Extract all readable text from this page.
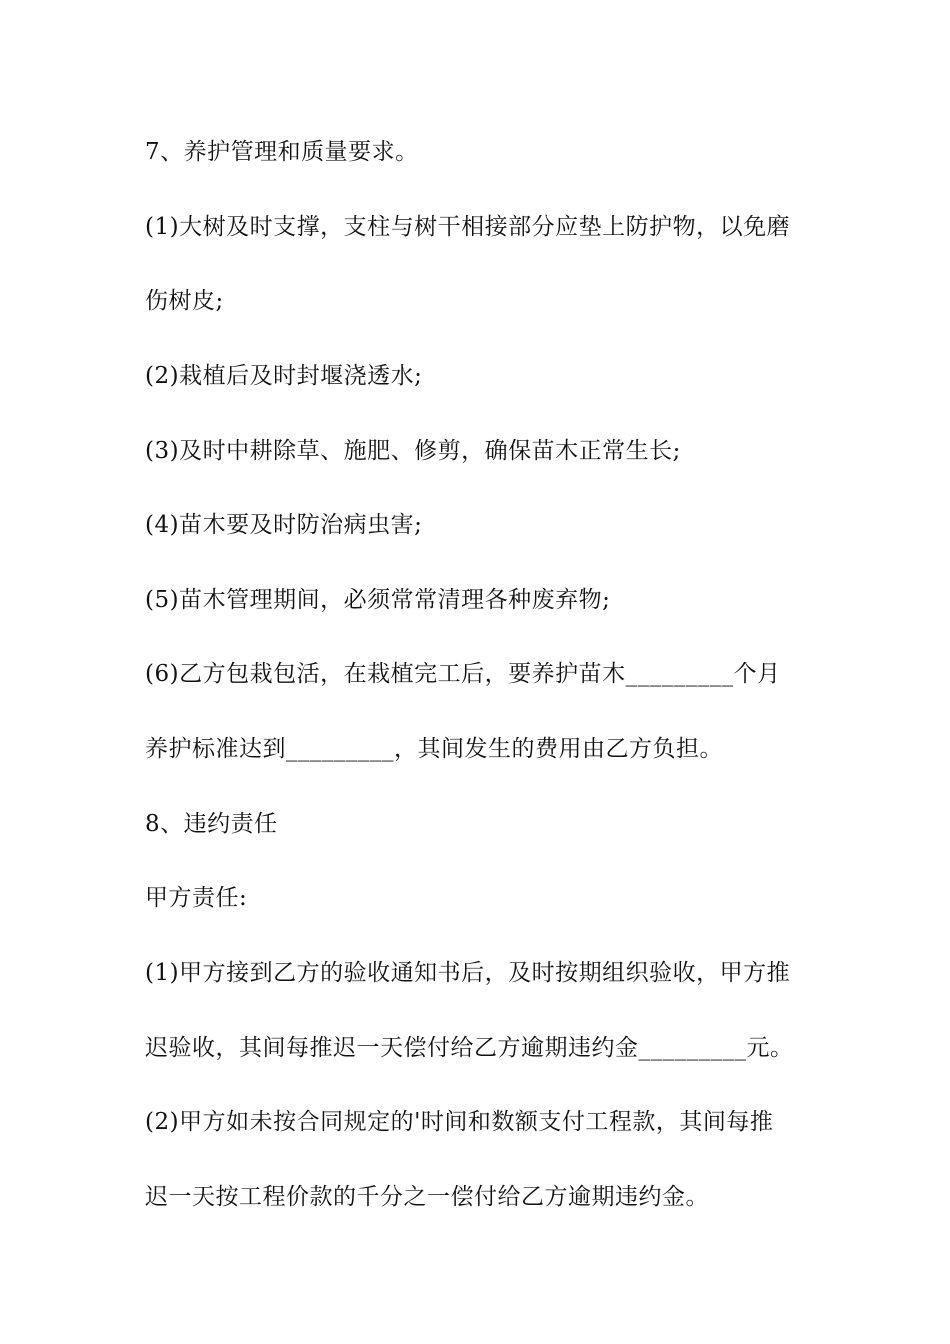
7、养护管理和质量要求。
(1)大树及时支撑，支柱与树干相接部分应垫上防护物，以免磨
伤树皮;
(2)栽植后及时封堰浇透水;
(3)及时中耕除草、施肥、修剪，确保苗木正常生长;
(4)苗木要及时防治病虫害;
(5)苗木管理期间，必须常常清理各种废弃物;
(6)乙方包栽包活，在栽植完工后，要养护苗木_________个月
养护标准达到_________，其间发生的费用由乙方负担。
8、违约责任
甲方责任:
(1)甲方接到乙方的验收通知书后，及时按期组织验收，甲方推
迟验收，其间每推迟一天偿付给乙方逾期违约金_________元。
(2)甲方如未按合同规定的'时间和数额支付工程款，其间每推
迟一天按工程价款的千分之一偿付给乙方逾期违约金。
